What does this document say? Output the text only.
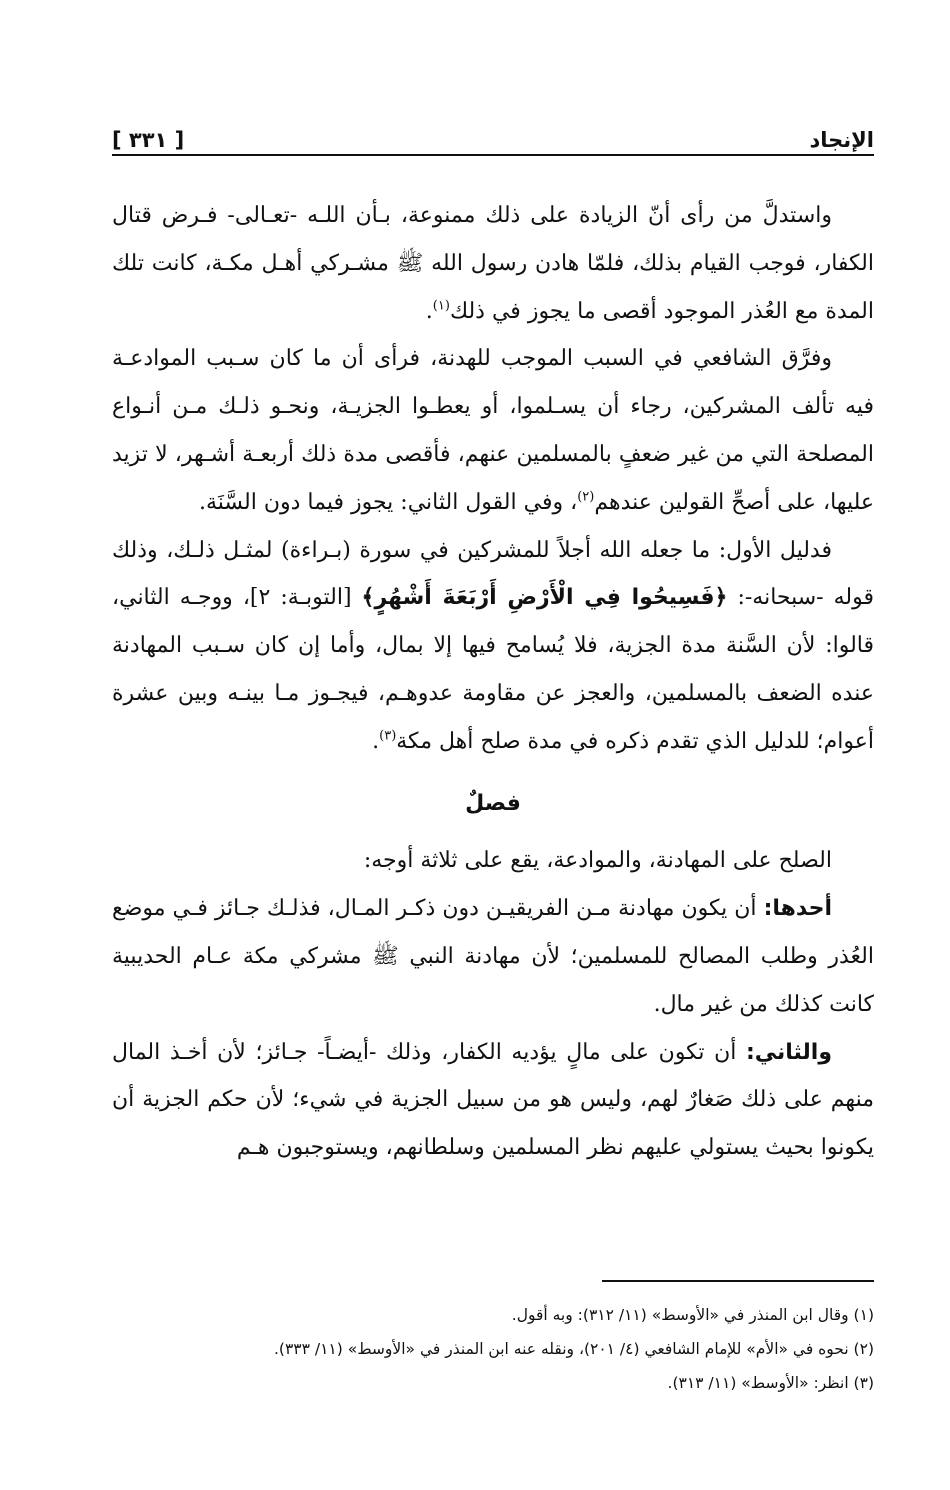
الإنجاد
[ ٣٣١ ]

واستدلَّ من رأى أنّ الزيادة على ذلك ممنوعة، بـأن اللـه -تعـالى- فـرض قتال الكفار، فوجب القيام بذلك، فلمّا هادن رسول الله ﷺ مشـركي أهـل مكـة، كانت تلك المدة مع العُذر الموجود أقصى ما يجوز في ذلك$^{(١)}$.

وفرَّق الشافعي في السبب الموجب للهدنة، فرأى أن ما كان سـبب الموادعـة فيه تألف المشركين، رجاء أن يسـلموا، أو يعطـوا الجزيـة، ونحـو ذلـك مـن أنـواع المصلحة التي من غير ضعفٍ بالمسلمين عنهم، فأقصى مدة ذلك أربعـة أشـهر، لا تزيد عليها، على أصحِّ القولين عندهم$^{(٢)}$، وفي القول الثاني: يجوز فيما دون السَّنَة.

فدليل الأول: ما جعله الله أجلاً للمشركين في سورة (بـراءة) لمثـل ذلـك، وذلك قوله -سبحانه-: ﴿فَسِيحُوا فِي الْأَرْضِ أَرْبَعَةَ أَشْهُرٍ﴾ [التوبـة: ٢]، ووجـه الثاني، قالوا: لأن السَّنة مدة الجزية، فلا يُسامح فيها إلا بمال، وأما إن كان سـبب المهادنة عنده الضعف بالمسلمين، والعجز عن مقاومة عدوهـم، فيجـوز مـا بينـه وبين عشرة أعوام؛ للدليل الذي تقدم ذكره في مدة صلح أهل مكة$^{(٣)}$.

فصلٌ

الصلح على المهادنة، والموادعة، يقع على ثلاثة أوجه:

أحدها: أن يكون مهادنة مـن الفريقيـن دون ذكـر المـال، فذلـك جـائز فـي موضع العُذر وطلب المصالح للمسلمين؛ لأن مهادنة النبي ﷺ مشركي مكة عـام الحديبية كانت كذلك من غير مال.

والثاني: أن تكون على مالٍ يؤديه الكفار، وذلك -أيضـاً- جـائز؛ لأن أخـذ المال منهم على ذلك صَغارٌ لهم، وليس هو من سبيل الجزية في شيء؛ لأن حكم الجزية أن يكونوا بحيث يستولي عليهم نظر المسلمين وسلطانهم، ويستوجبون هـم

(١) وقال ابن المنذر في «الأوسط» (١١/ ٣١٢): وبه أقول.

(٢) نحوه في «الأم» للإمام الشافعي (٤/ ٢٠١)، ونقله عنه ابن المنذر في «الأوسط» (١١/ ٣٣٣).

(٣) انظر: «الأوسط» (١١/ ٣١٣).
